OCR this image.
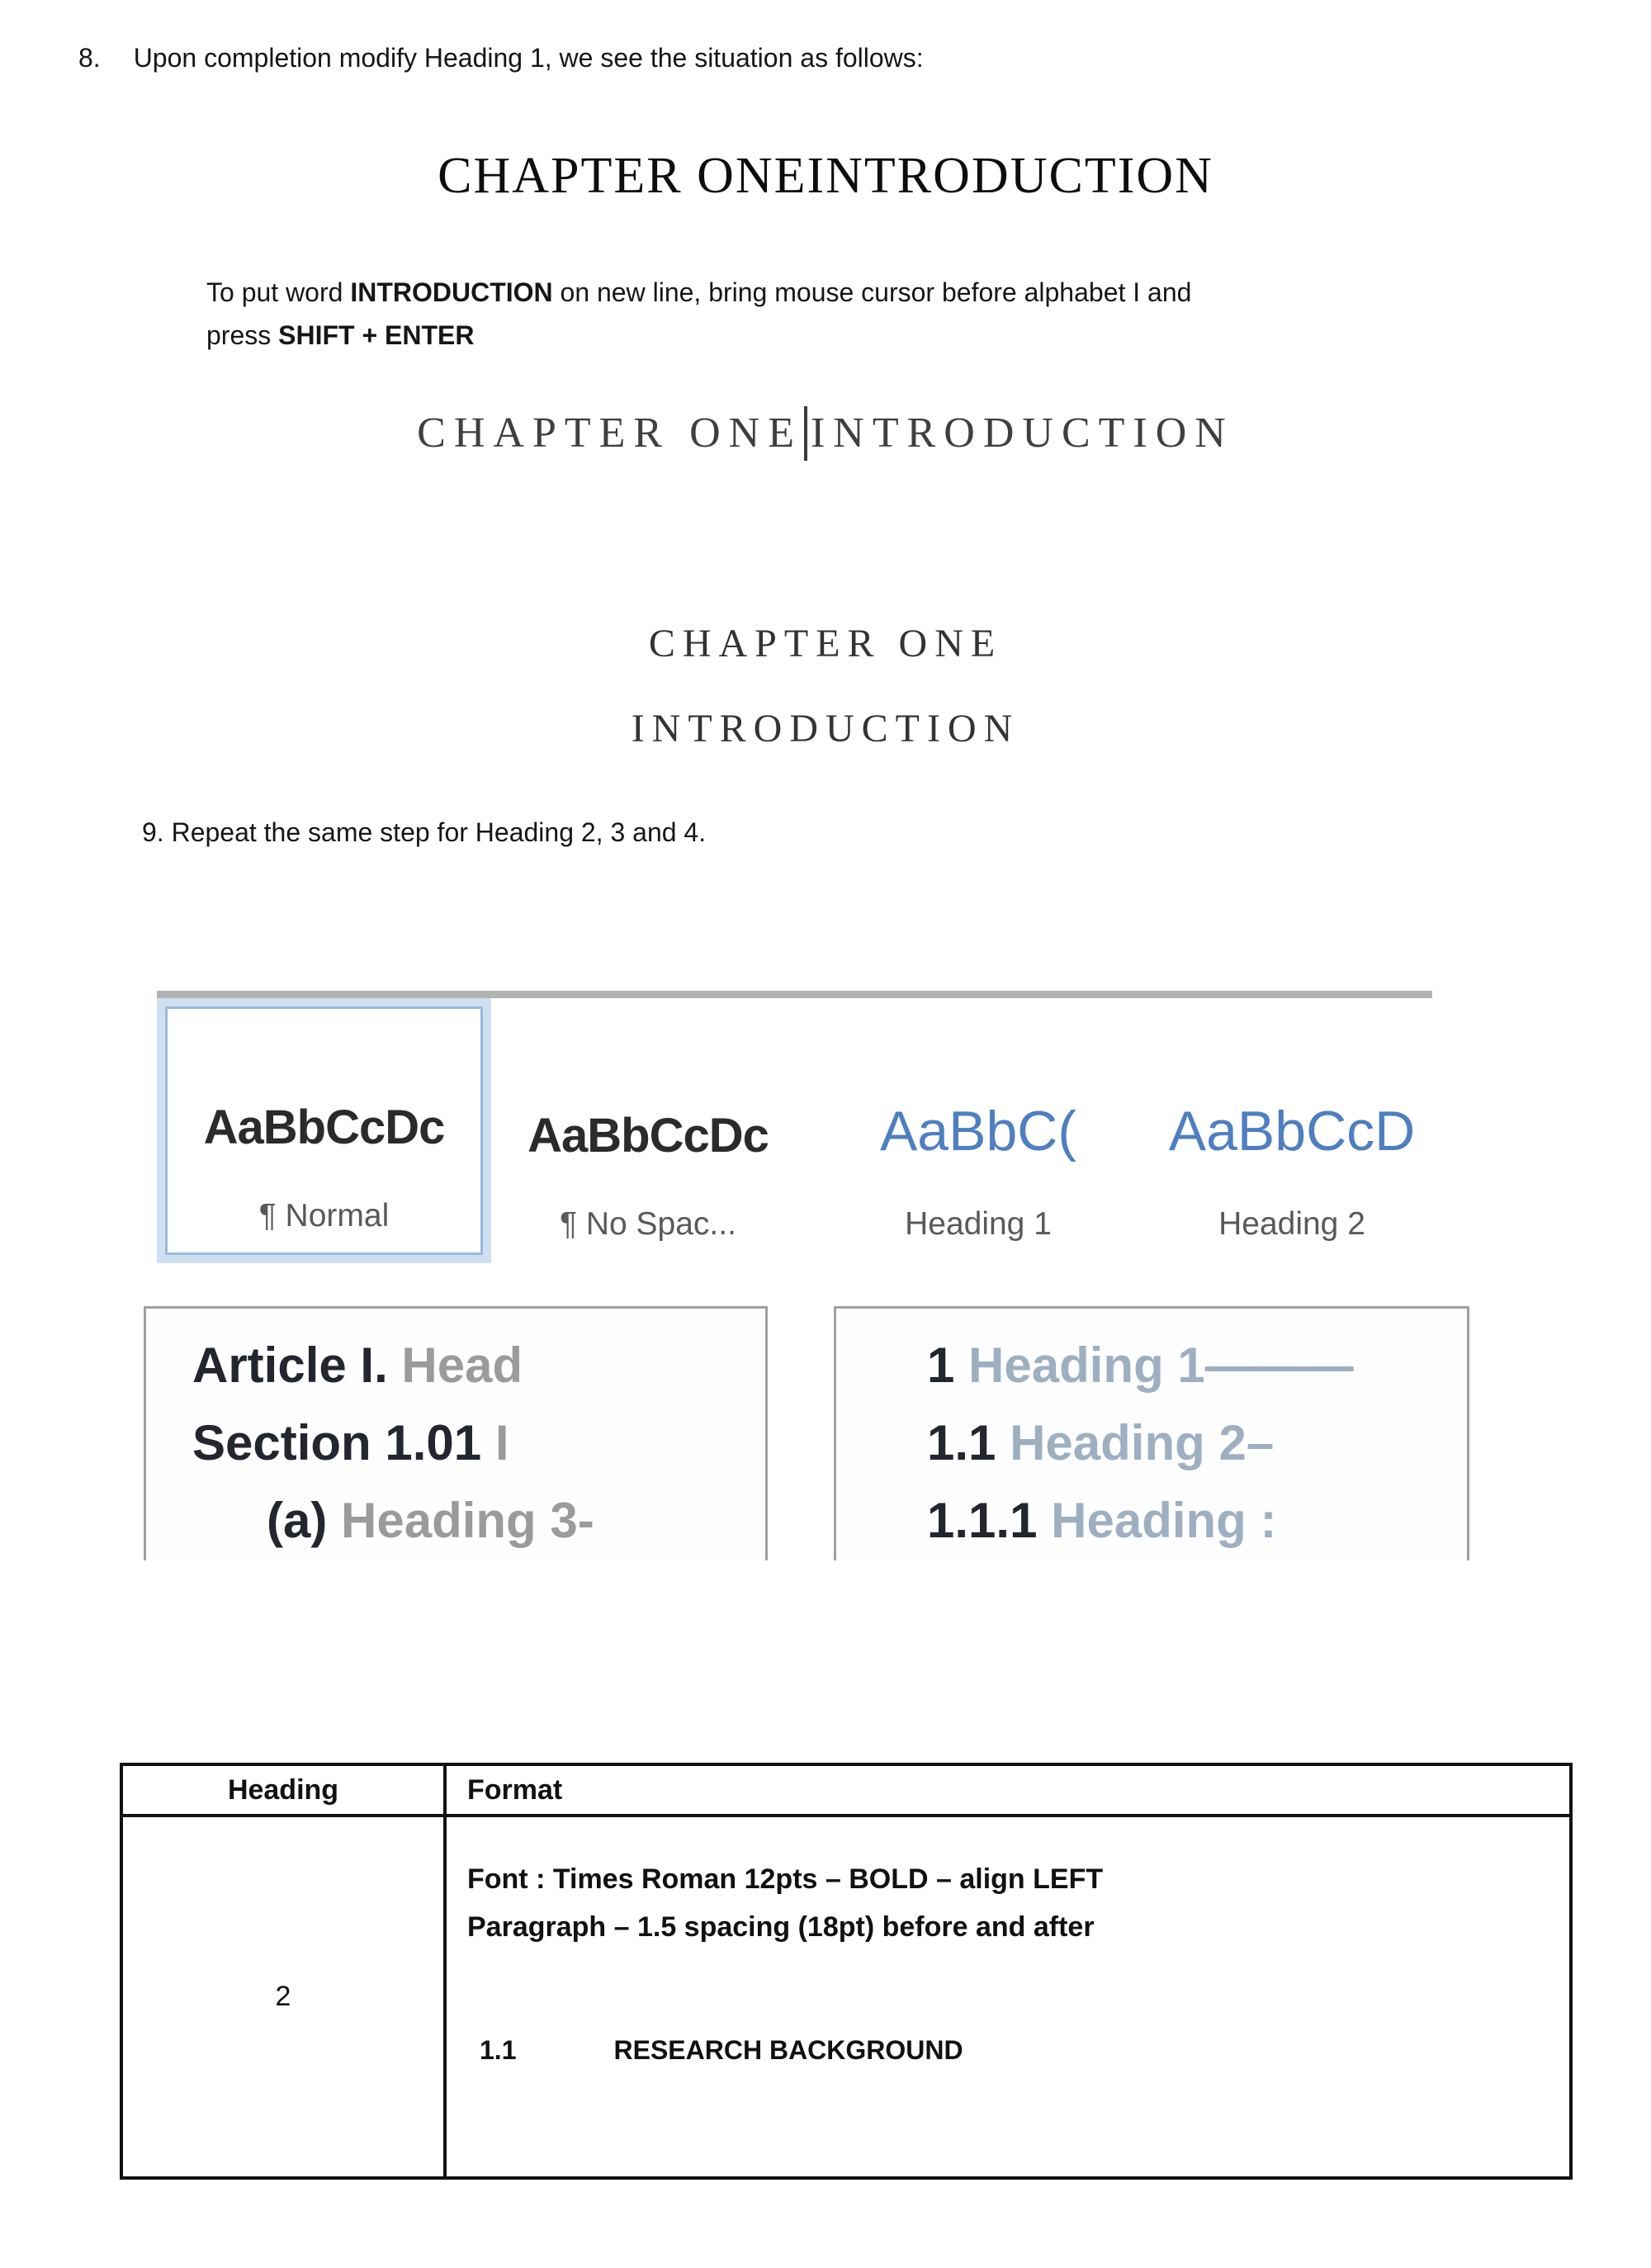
8. Upon completion modify Heading 1, we see the situation as follows:
CHAPTER ONEINTRODUCTION

To put word INTRODUCTION on new line, bring mouse cursor before alphabet I and
press SHIFT + ENTER

CHAPTER ONE INTRODUCTION
CHAPTER ONE
INTRODUCTION
9. Repeat the same step for Heading 2, 3 and 4.
AaBbCcDc
¶ Normal
AaBbCcDc
¶ No Spac...
AaBbC(
Heading 1
AaBbCcD
Heading 2
Article I. Head
Section 1.01 I
(a) Heading 3-
1 Heading 1———
1.1 Heading 2–
1.1.1 Heading :
Heading	Format
2	Font : Times Roman 12pts – BOLD – align LEFT
Paragraph – 1.5 spacing (18pt) before and after
1.1 RESEARCH BACKGROUND
